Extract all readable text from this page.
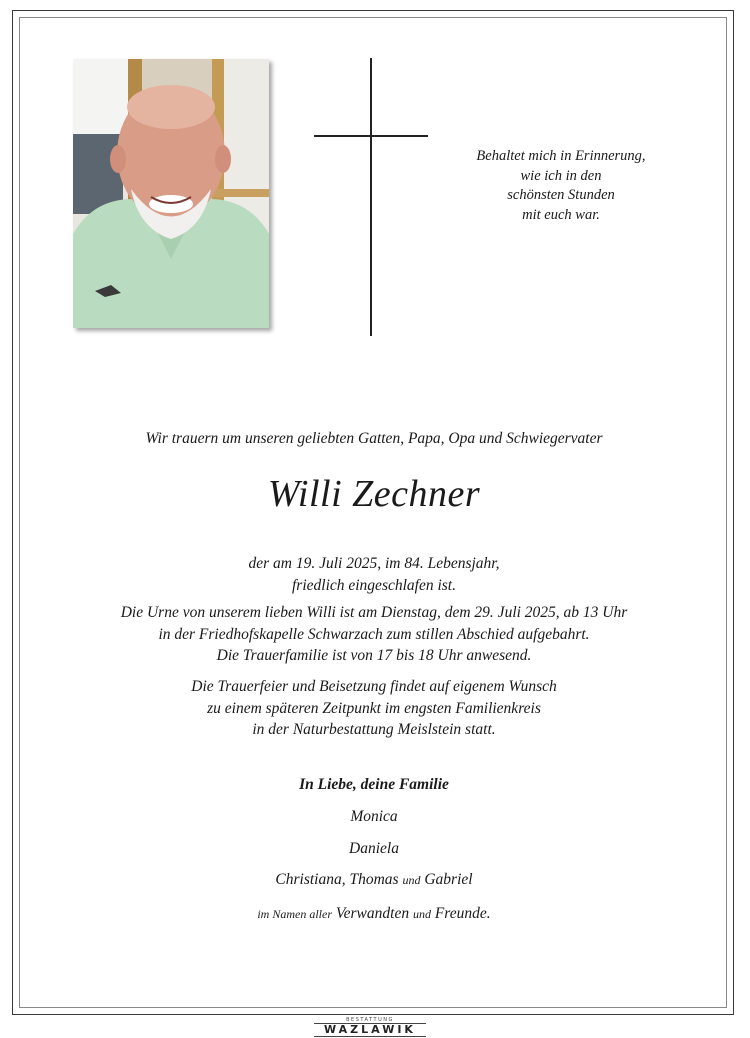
Behaltet mich in Erinnerung,
wie ich in den
schönsten Stunden
mit euch war.
Wir trauern um unseren geliebten Gatten, Papa, Opa und Schwiegervater
Willi Zechner
der am 19. Juli 2025, im 84. Lebensjahr,
friedlich eingeschlafen ist.
Die Urne von unserem lieben Willi ist am Dienstag, dem 29. Juli 2025, ab 13 Uhr
in der Friedhofskapelle Schwarzach zum stillen Abschied aufgebahrt.
Die Trauerfamilie ist von 17 bis 18 Uhr anwesend.
Die Trauerfeier und Beisetzung findet auf eigenem Wunsch
zu einem späteren Zeitpunkt im engsten Familienkreis
in der Naturbestattung Meislstein statt.
In Liebe, deine Familie
Monica
Daniela
Christiana, Thomas und Gabriel
im Namen aller Verwandten und Freunde.
BESTATTUNG
WAZLAWIK
